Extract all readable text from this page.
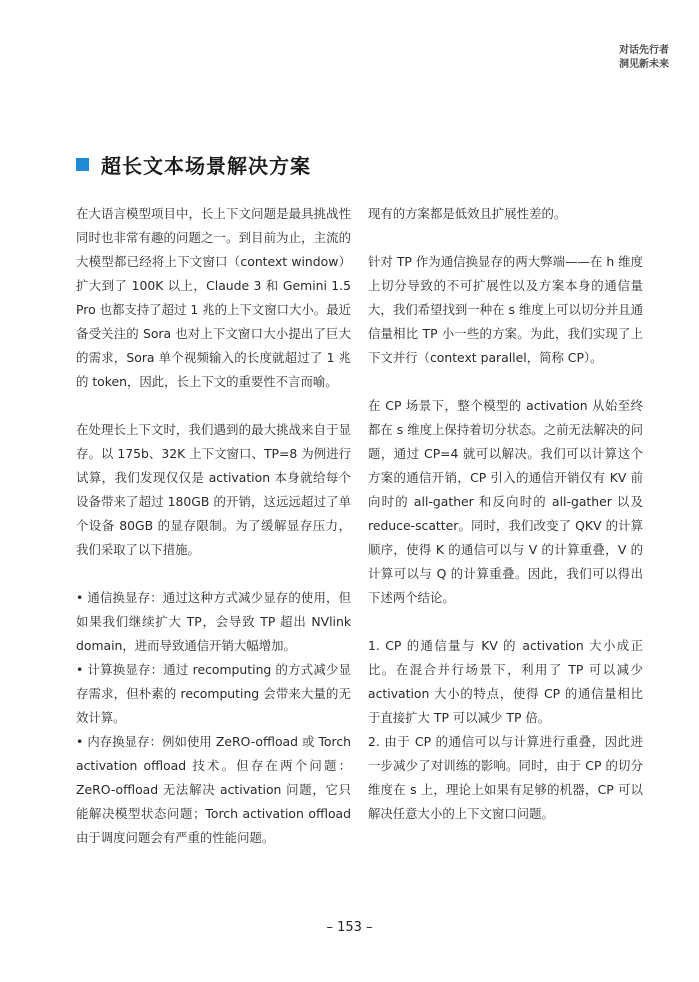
对话先行者
洞见新未来
超长文本场景解决方案

在大语言模型项目中，长上下文问题是最具挑战性同时也非常有趣的问题之一。到目前为止，主流的大模型都已经将上下文窗口（context window）扩大到了 100K 以上，Claude 3 和 Gemini 1.5 Pro 也都支持了超过 1 兆的上下文窗口大小。最近备受关注的 Sora 也对上下文窗口大小提出了巨大的需求，Sora 单个视频输入的长度就超过了 1 兆的 token，因此，长上下文的重要性不言而喻。

在处理长上下文时，我们遇到的最大挑战来自于显存。以 175b、32K 上下文窗口、TP=8 为例进行试算，我们发现仅仅是 activation 本身就给每个设备带来了超过 180GB 的开销，这远远超过了单个设备 80GB 的显存限制。为了缓解显存压力，我们采取了以下措施。

• 通信换显存：通过这种方式减少显存的使用，但如果我们继续扩大 TP，会导致 TP 超出 NVlink domain，进而导致通信开销大幅增加。

• 计算换显存：通过 recomputing 的方式减少显存需求，但朴素的 recomputing 会带来大量的无效计算。

• 内存换显存：例如使用 ZeRO-offload 或 Torch activation offload 技术。但存在两个问题：ZeRO-offload 无法解决 activation 问题，它只能解决模型状态问题；Torch activation offload 由于调度问题会有严重的性能问题。

现有的方案都是低效且扩展性差的。

针对 TP 作为通信换显存的两大弊端——在 h 维度上切分导致的不可扩展性以及方案本身的通信量大，我们希望找到一种在 s 维度上可以切分并且通信量相比 TP 小一些的方案。为此，我们实现了上下文并行（context parallel，简称 CP）。

在 CP 场景下，整个模型的 activation 从始至终都在 s 维度上保持着切分状态。之前无法解决的问题，通过 CP=4 就可以解决。我们可以计算这个方案的通信开销，CP 引入的通信开销仅有 KV 前向时的 all-gather 和反向时的 all-gather 以及 reduce-scatter。同时，我们改变了 QKV 的计算顺序，使得 K 的通信可以与 V 的计算重叠，V 的计算可以与 Q 的计算重叠。因此，我们可以得出下述两个结论。

1. CP 的通信量与 KV 的 activation 大小成正比。在混合并行场景下，利用了 TP 可以减少 activation 大小的特点，使得 CP 的通信量相比于直接扩大 TP 可以减少 TP 倍。

2. 由于 CP 的通信可以与计算进行重叠，因此进一步减少了对训练的影响。同时，由于 CP 的切分维度在 s 上，理论上如果有足够的机器，CP 可以解决任意大小的上下文窗口问题。

– 153 –
